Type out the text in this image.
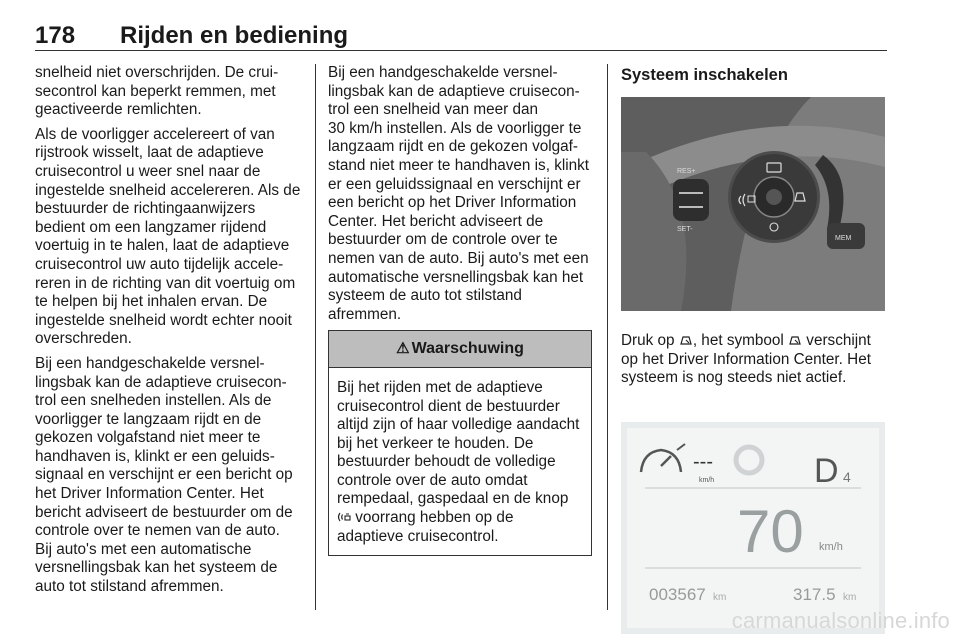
178 Rijden en bediening

snelheid niet overschrijden. De cruisecontrol kan beperkt remmen, met geactiveerde remlichten.

Als de voorligger accelereert of van rijstrook wisselt, laat de adaptieve cruisecontrol u weer snel naar de ingestelde snelheid accelereren. Als de bestuurder de richtingaanwijzers bedient om een langzamer rijdend voertuig in te halen, laat de adaptieve cruisecontrol uw auto tijdelijk accelereren in de richting van dit voertuig om te helpen bij het inhalen ervan. De ingestelde snelheid wordt echter nooit overschreden.

Bij een handgeschakelde versnellingsbak kan de adaptieve cruisecontrol een snelheden instellen. Als de voorligger te langzaam rijdt en de gekozen volgafstand niet meer te handhaven is, klinkt er een geluidssignaal en verschijnt er een bericht op het Driver Information Center. Het bericht adviseert de bestuurder om de controle over te nemen van de auto. Bij auto's met een automatische versnellingsbak kan het systeem de auto tot stilstand afremmen.

Bij een handgeschakelde versnellingsbak kan de adaptieve cruisecontrol een snelheid van meer dan 30 km/h instellen. Als de voorligger te langzaam rijdt en de gekozen volgafstand niet meer te handhaven is, klinkt er een geluidssignaal en verschijnt er een bericht op het Driver Information Center. Het bericht adviseert de bestuurder om de controle over te nemen van de auto. Bij auto's met een automatische versnellingsbak kan het systeem de auto tot stilstand afremmen.

⚠ Waarschuwing

Bij het rijden met de adaptieve cruisecontrol dient de bestuurder altijd zijn of haar volledige aandacht bij het verkeer te houden. De bestuurder behoudt de volledige controle over de auto omdat rempedaal, gaspedaal en de knop  voorrang hebben op de adaptieve cruisecontrol.

Systeem inschakelen
RES+
SET-
MEM

Druk op , het symbool  verschijnt op het Driver Information Center. Het systeem is nog steeds niet actief.

---
km/h	D 4
70 km/h
003567 km	317.5 km
carmanualsonline.info
